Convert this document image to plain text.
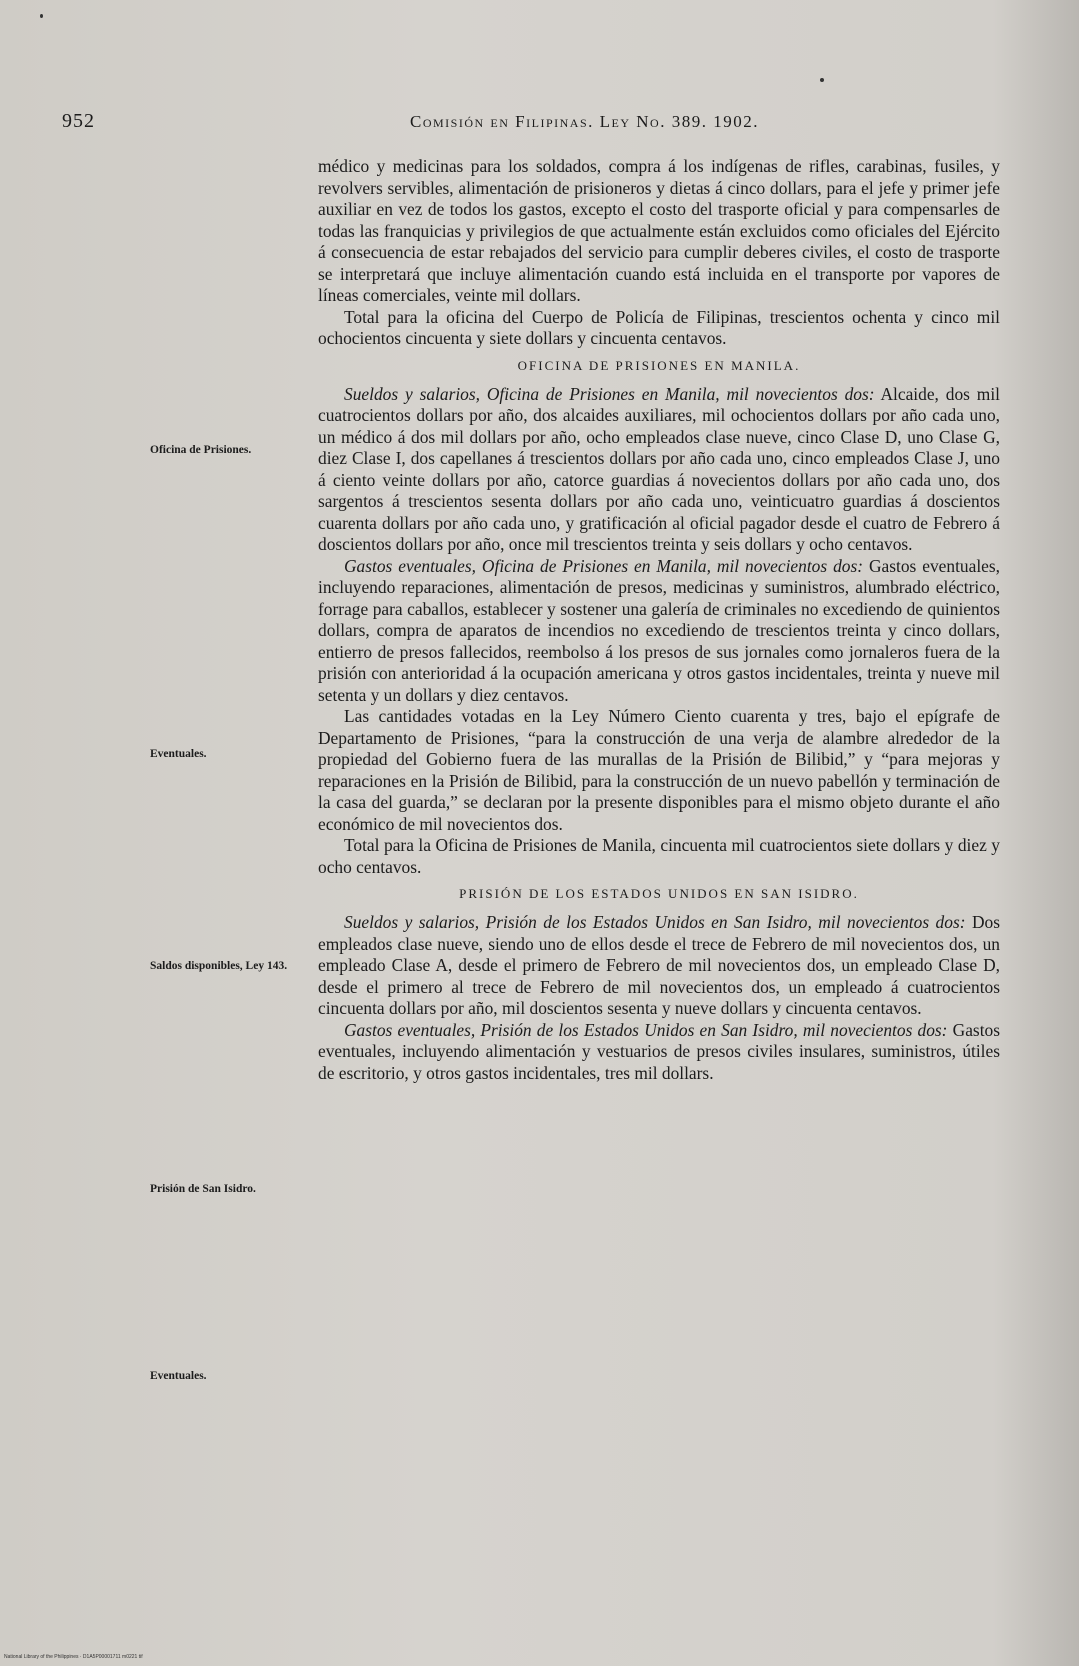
952	Comisión en Filipinas. Ley No. 389. 1902.
Oficina de Prisiones.
Eventuales.
Saldos disponibles, Ley 143.
Prisión de San Isidro.
Eventuales.

médico y medicinas para los soldados, compra á los indígenas de rifles, carabinas, fusiles, y revolvers servibles, alimentación de prisioneros y dietas á cinco dollars, para el jefe y primer jefe auxiliar en vez de todos los gastos, excepto el costo del trasporte oficial y para compensarles de todas las franquicias y privilegios de que actualmente están excluidos como oficiales del Ejército á consecuencia de estar rebajados del servicio para cumplir deberes civiles, el costo de trasporte se interpretará que incluye alimentación cuando está incluida en el transporte por vapores de líneas comerciales, veinte mil dollars.

Total para la oficina del Cuerpo de Policía de Filipinas, trescientos ochenta y cinco mil ochocientos cincuenta y siete dollars y cincuenta centavos.

OFICINA DE PRISIONES EN MANILA.

Sueldos y salarios, Oficina de Prisiones en Manila, mil novecientos dos: Alcaide, dos mil cuatrocientos dollars por año, dos alcaides auxiliares, mil ochocientos dollars por año cada uno, un médico á dos mil dollars por año, ocho empleados clase nueve, cinco Clase D, uno Clase G, diez Clase I, dos capellanes á trescientos dollars por año cada uno, cinco empleados Clase J, uno á ciento veinte dollars por año, catorce guardias á novecientos dollars por año cada uno, dos sargentos á trescientos sesenta dollars por año cada uno, veinticuatro guardias á doscientos cuarenta dollars por año cada uno, y gratificación al oficial pagador desde el cuatro de Febrero á doscientos dollars por año, once mil trescientos treinta y seis dollars y ocho centavos.

Gastos eventuales, Oficina de Prisiones en Manila, mil novecientos dos: Gastos eventuales, incluyendo reparaciones, alimentación de presos, medicinas y suministros, alumbrado eléctrico, forrage para caballos, establecer y sostener una galería de criminales no excediendo de quinientos dollars, compra de aparatos de incendios no excediendo de trescientos treinta y cinco dollars, entierro de presos fallecidos, reembolso á los presos de sus jornales como jornaleros fuera de la prisión con anterioridad á la ocupación americana y otros gastos incidentales, treinta y nueve mil setenta y un dollars y diez centavos.

Las cantidades votadas en la Ley Número Ciento cuarenta y tres, bajo el epígrafe de Departamento de Prisiones, “para la construcción de una verja de alambre alrededor de la propiedad del Gobierno fuera de las murallas de la Prisión de Bilibid,” y “para mejoras y reparaciones en la Prisión de Bilibid, para la construcción de un nuevo pabellón y terminación de la casa del guarda,” se declaran por la presente disponibles para el mismo objeto durante el año económico de mil novecientos dos.

Total para la Oficina de Prisiones de Manila, cincuenta mil cuatrocientos siete dollars y diez y ocho centavos.

PRISIÓN DE LOS ESTADOS UNIDOS EN SAN ISIDRO.

Sueldos y salarios, Prisión de los Estados Unidos en San Isidro, mil novecientos dos: Dos empleados clase nueve, siendo uno de ellos desde el trece de Febrero de mil novecientos dos, un empleado Clase A, desde el primero de Febrero de mil novecientos dos, un empleado Clase D, desde el primero al trece de Febrero de mil novecientos dos, un empleado á cuatrocientos cincuenta dollars por año, mil doscientos sesenta y nueve dollars y cincuenta centavos.

Gastos eventuales, Prisión de los Estados Unidos en San Isidro, mil novecientos dos: Gastos eventuales, incluyendo alimentación y vestuarios de presos civiles insulares, suministros, útiles de escritorio, y otros gastos incidentales, tres mil dollars.

National Library of the Philippines · D1A5P00001711 m0221 tif
